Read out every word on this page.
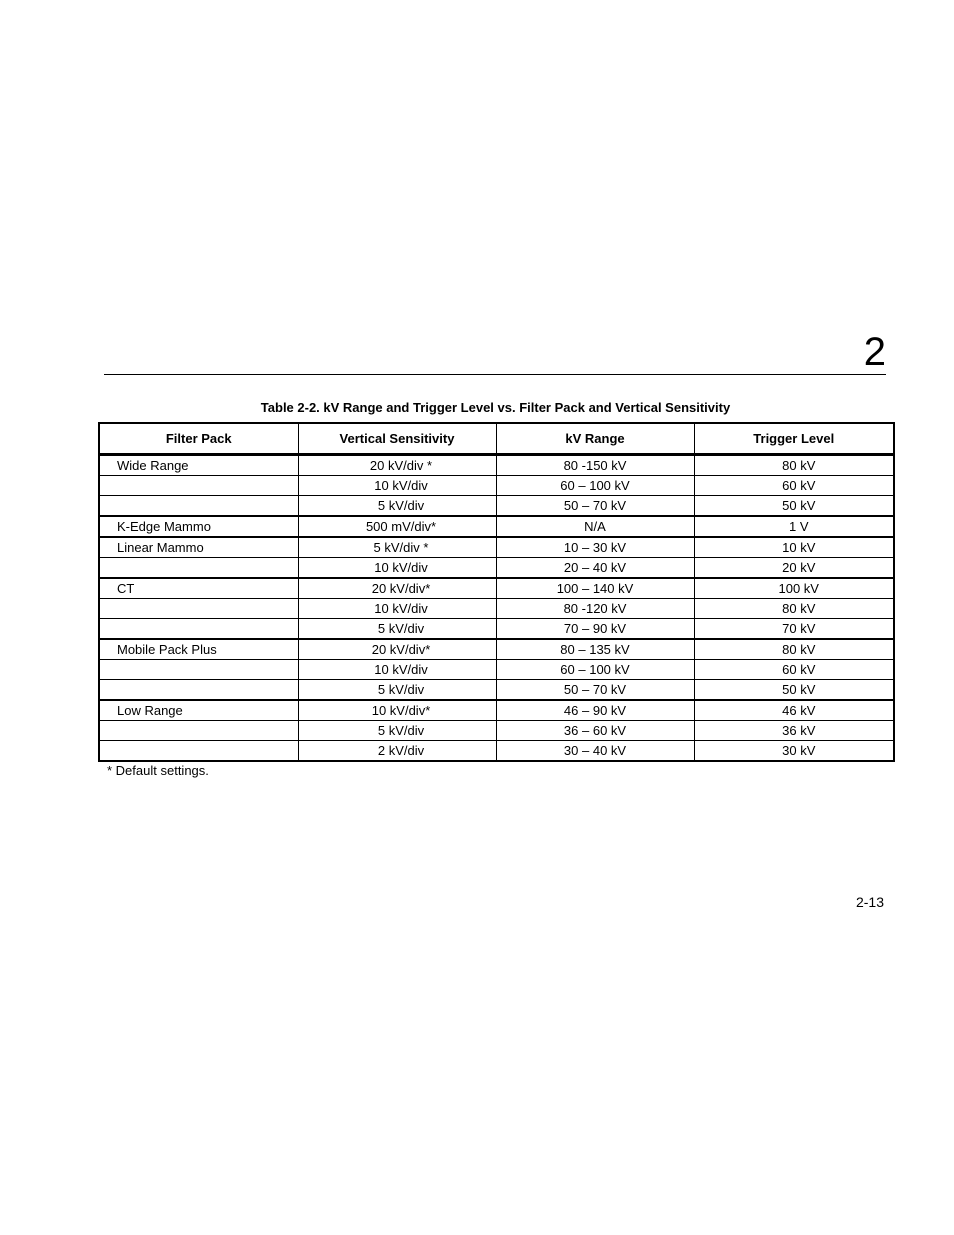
2
Table 2-2. kV Range and Trigger Level vs. Filter Pack and Vertical Sensitivity
Filter Pack	Vertical Sensitivity	kV Range	Trigger Level
Wide Range	20 kV/div *	80 -150 kV	80 kV
	10 kV/div	60 – 100 kV	60 kV
	5 kV/div	50 – 70 kV	50 kV
K-Edge Mammo	500 mV/div*	N/A	1 V
Linear Mammo	5 kV/div *	10 – 30 kV	10 kV
	10 kV/div	20 – 40 kV	20 kV
CT	20 kV/div*	100 – 140 kV	100 kV
	10 kV/div	80 -120 kV	80 kV
	5 kV/div	70 – 90 kV	70 kV
Mobile Pack Plus	20 kV/div*	80 – 135 kV	80 kV
	10 kV/div	60 – 100 kV	60 kV
	5 kV/div	50 – 70 kV	50 kV
Low Range	10 kV/div*	46 – 90 kV	46 kV
	5 kV/div	36 – 60 kV	36 kV
	2 kV/div	30 – 40 kV	30 kV
* Default settings.
2-13
